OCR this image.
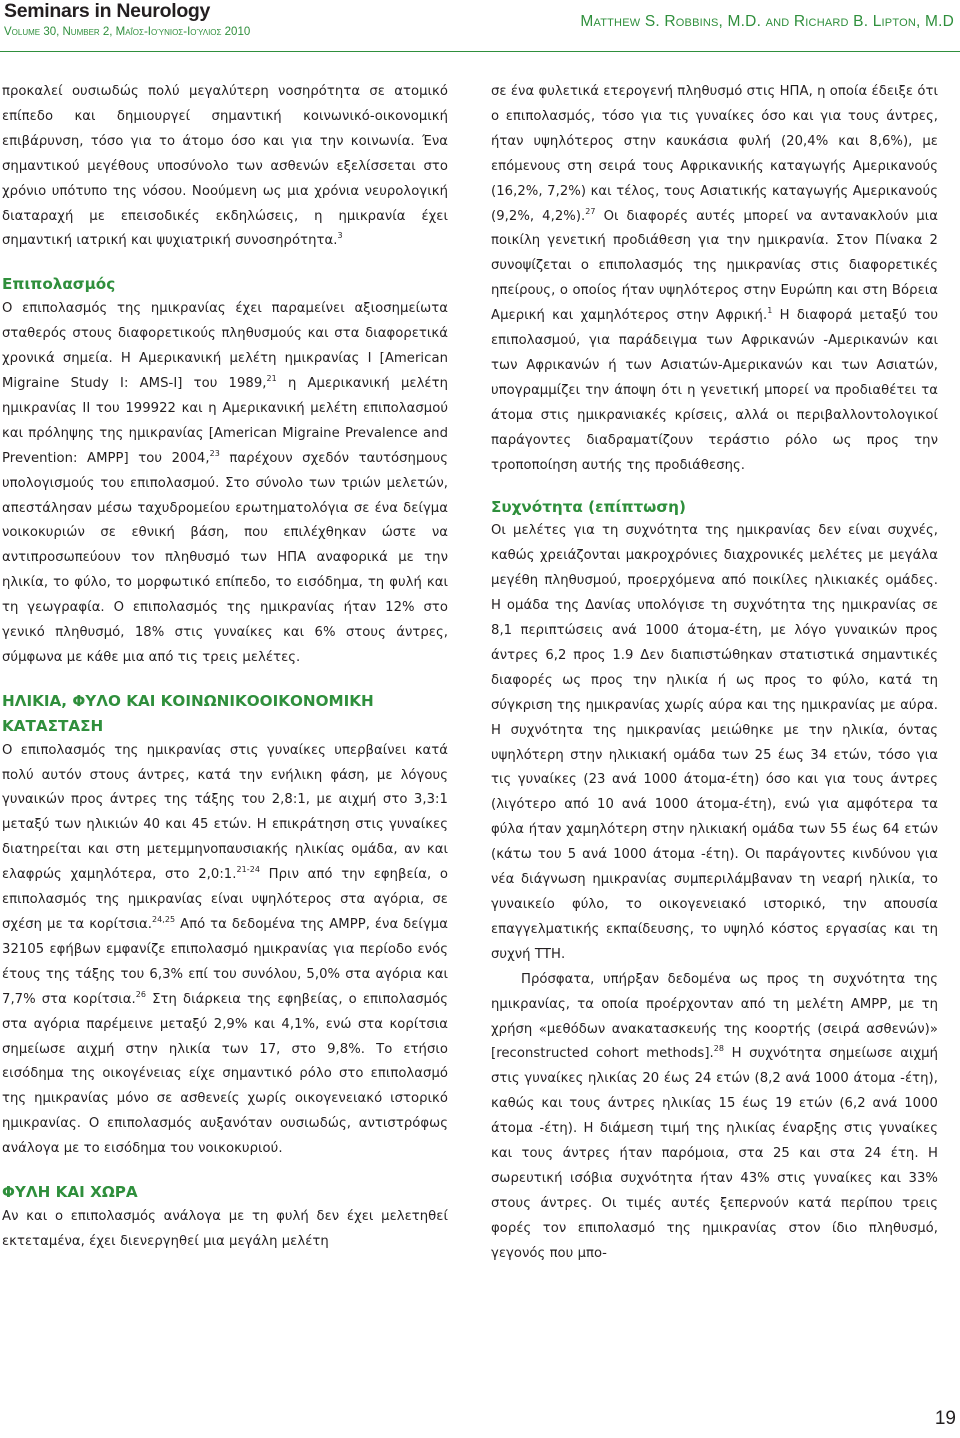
Seminars in Neurology
Volume 30, Number 2, Μαΐος-Ιούνιος-Ιούλιος 2010
Matthew S. Robbins, M.D. and Richard B. Lipton, M.D

προκαλεί ουσιωδώς πολύ μεγαλύτερη νοσηρότητα σε ατομικό επίπεδο και δημιουργεί σημαντική κοινωνικό-οικονομική επιβάρυνση, τόσο για το άτομο όσο και για την κοινωνία. Ένα σημαντικού μεγέθους υποσύνολο των ασθενών εξελίσσεται στο χρόνιο υπότυπο της νόσου. Νοούμενη ως μια χρόνια νευρολογική διαταραχή με επεισοδικές εκδηλώσεις, η ημικρανία έχει σημαντική ιατρική και ψυχιατρική συνοσηρότητα.$^3$

Επιπολασμός

Ο επιπολασμός της ημικρανίας έχει παραμείνει αξιοσημείωτα σταθερός στους διαφορετικούς πληθυσμούς και στα διαφορετικά χρονικά σημεία. Η Αμερικανική μελέτη ημικρανίας I [American Migraine Study I: AMS-I] του 1989,21 η Αμερικανική μελέτη ημικρανίας II του 199922 και η Αμερικανική μελέτη επιπολασμού και πρόληψης της ημικρανίας [American Migraine Prevalence and Prevention: AMPP] του 2004,23 παρέχουν σχεδόν ταυτόσημους υπολογισμούς του επιπολασμού. Στο σύνολο των τριών μελετών, απεστάλησαν μέσω ταχυδρομείου ερωτηματολόγια σε ένα δείγμα νοικοκυριών σε εθνική βάση, που επιλέχθηκαν ώστε να αντιπροσωπεύουν τον πληθυσμό των ΗΠΑ αναφορικά με την ηλικία, το φύλο, το μορφωτικό επίπεδο, το εισόδημα, τη φυλή και τη γεωγραφία. Ο επιπολασμός της ημικρανίας ήταν 12% στο γενικό πληθυσμό, 18% στις γυναίκες και 6% στους άντρες, σύμφωνα με κάθε μια από τις τρεις μελέτες.

ΗΛΙΚΙΑ, ΦΥΛΟ ΚΑΙ ΚΟΙΝΩΝΙΚΟΟΙΚΟΝΟΜΙΚΗ ΚΑΤΑΣΤΑΣΗ

Ο επιπολασμός της ημικρανίας στις γυναίκες υπερβαίνει κατά πολύ αυτόν στους άντρες, κατά την ενήλικη φάση, με λόγους γυναικών προς άντρες της τάξης του 2,8:1, με αιχμή στο 3,3:1 μεταξύ των ηλικιών 40 και 45 ετών. Η επικράτηση στις γυναίκες διατηρείται και στη μετεμμηνοπαυσιακής ηλικίας ομάδα, αν και ελαφρώς χαμηλότερα, στο 2,0:1.$^{21-24}$ Πριν από την εφηβεία, ο επιπολασμός της ημικρανίας είναι υψηλότερος στα αγόρια, σε σχέση με τα κορίτσια.$^{24,25}$ Από τα δεδομένα της AMPP, ένα δείγμα 32105 εφήβων εμφανίζε επιπολασμό ημικρανίας για περίοδο ενός έτους της τάξης του 6,3% επί του συνόλου, 5,0% στα αγόρια και 7,7% στα κορίτσια.$^{26}$ Στη διάρκεια της εφηβείας, ο επιπολασμός στα αγόρια παρέμεινε μεταξύ 2,9% και 4,1%, ενώ στα κορίτσια σημείωσε αιχμή στην ηλικία των 17, στο 9,8%. Το ετήσιο εισόδημα της οικογένειας είχε σημαντικό ρόλο στο επιπολασμό της ημικρανίας μόνο σε ασθενείς χωρίς οικογενειακό ιστορικό ημικρανίας. Ο επιπολασμός αυξανόταν ουσιωδώς, αντιστρόφως ανάλογα με το εισόδημα του νοικοκυριού.

ΦΥΛΗ ΚΑΙ ΧΩΡΑ

Αν και ο επιπολασμός ανάλογα με τη φυλή δεν έχει μελετηθεί εκτεταμένα, έχει διενεργηθεί μια μεγάλη μελέτη

σε ένα φυλετικά ετερογενή πληθυσμό στις ΗΠΑ, η οποία έδειξε ότι ο επιπολασμός, τόσο για τις γυναίκες όσο και για τους άντρες, ήταν υψηλότερος στην καυκάσια φυλή (20,4% και 8,6%), με επόμενους στη σειρά τους Αφρικανικής καταγωγής Αμερικανούς (16,2%, 7,2%) και τέλος, τους Ασιατικής καταγωγής Αμερικανούς (9,2%, 4,2%).$^{27}$ Οι διαφορές αυτές μπορεί να αντανακλούν μια ποικίλη γενετική προδιάθεση για την ημικρανία. Στον Πίνακα 2 συνοψίζεται ο επιπολασμός της ημικρανίας στις διαφορετικές ηπείρους, ο οποίος ήταν υψηλότερος στην Ευρώπη και στη Βόρεια Αμερική και χαμηλότερος στην Αφρική.$^1$ Η διαφορά μεταξύ του επιπολασμού, για παράδειγμα των Αφρικανών -Αμερικανών και των Αφρικανών ή των Ασιατών-Αμερικανών και των Ασιατών, υπογραμμίζει την άποψη ότι η γενετική μπορεί να προδιαθέτει τα άτομα στις ημικρανιακές κρίσεις, αλλά οι περιβαλλοντολογικοί παράγοντες διαδραματίζουν τεράστιο ρόλο ως προς την τροποποίηση αυτής της προδιάθεσης.

Συχνότητα (επίπτωση)

Οι μελέτες για τη συχνότητα της ημικρανίας δεν είναι συχνές, καθώς χρειάζονται μακροχρόνιες διαχρονικές μελέτες με μεγάλα μεγέθη πληθυσμού, προερχόμενα από ποικίλες ηλικιακές ομάδες. Η ομάδα της Δανίας υπολόγισε τη συχνότητα της ημικρανίας σε 8,1 περιπτώσεις ανά 1000 άτομα-έτη, με λόγο γυναικών προς άντρες 6,2 προς 1.9 Δεν διαπιστώθηκαν στατιστικά σημαντικές διαφορές ως προς την ηλικία ή ως προς το φύλο, κατά τη σύγκριση της ημικρανίας χωρίς αύρα και της ημικρανίας με αύρα. Η συχνότητα της ημικρανίας μειώθηκε με την ηλικία, όντας υψηλότερη στην ηλικιακή ομάδα των 25 έως 34 ετών, τόσο για τις γυναίκες (23 ανά 1000 άτομα-έτη) όσο και για τους άντρες (λιγότερο από 10 ανά 1000 άτομα-έτη), ενώ για αμφότερα τα φύλα ήταν χαμηλότερη στην ηλικιακή ομάδα των 55 έως 64 ετών (κάτω του 5 ανά 1000 άτομα -έτη). Οι παράγοντες κινδύνου για νέα διάγνωση ημικρανίας συμπεριλάμβαναν τη νεαρή ηλικία, το γυναικείο φύλο, το οικογενειακό ιστορικό, την απουσία επαγγελματικής εκπαίδευσης, το υψηλό κόστος εργασίας και τη συχνή ΤΤΗ.

Πρόσφατα, υπήρξαν δεδομένα ως προς τη συχνότητα της ημικρανίας, τα οποία προέρχονταν από τη μελέτη AMPP, με τη χρήση «μεθόδων ανακατασκευής της κοορτής (σειρά ασθενών)» [reconstructed cohort methods].$^{28}$ Η συχνότητα σημείωσε αιχμή στις γυναίκες ηλικίας 20 έως 24 ετών (8,2 ανά 1000 άτομα -έτη), καθώς και τους άντρες ηλικίας 15 έως 19 ετών (6,2 ανά 1000 άτομα -έτη). Η διάμεση τιμή της ηλικίας έναρξης στις γυναίκες και τους άντρες ήταν παρόμοια, στα 25 και στα 24 έτη. Η σωρευτική ισόβια συχνότητα ήταν 43% στις γυναίκες και 33% στους άντρες. Οι τιμές αυτές ξεπερνούν κατά περίπου τρεις φορές τον επιπολασμό της ημικρανίας στον ίδιο πληθυσμό, γεγονός που μπο-

19
